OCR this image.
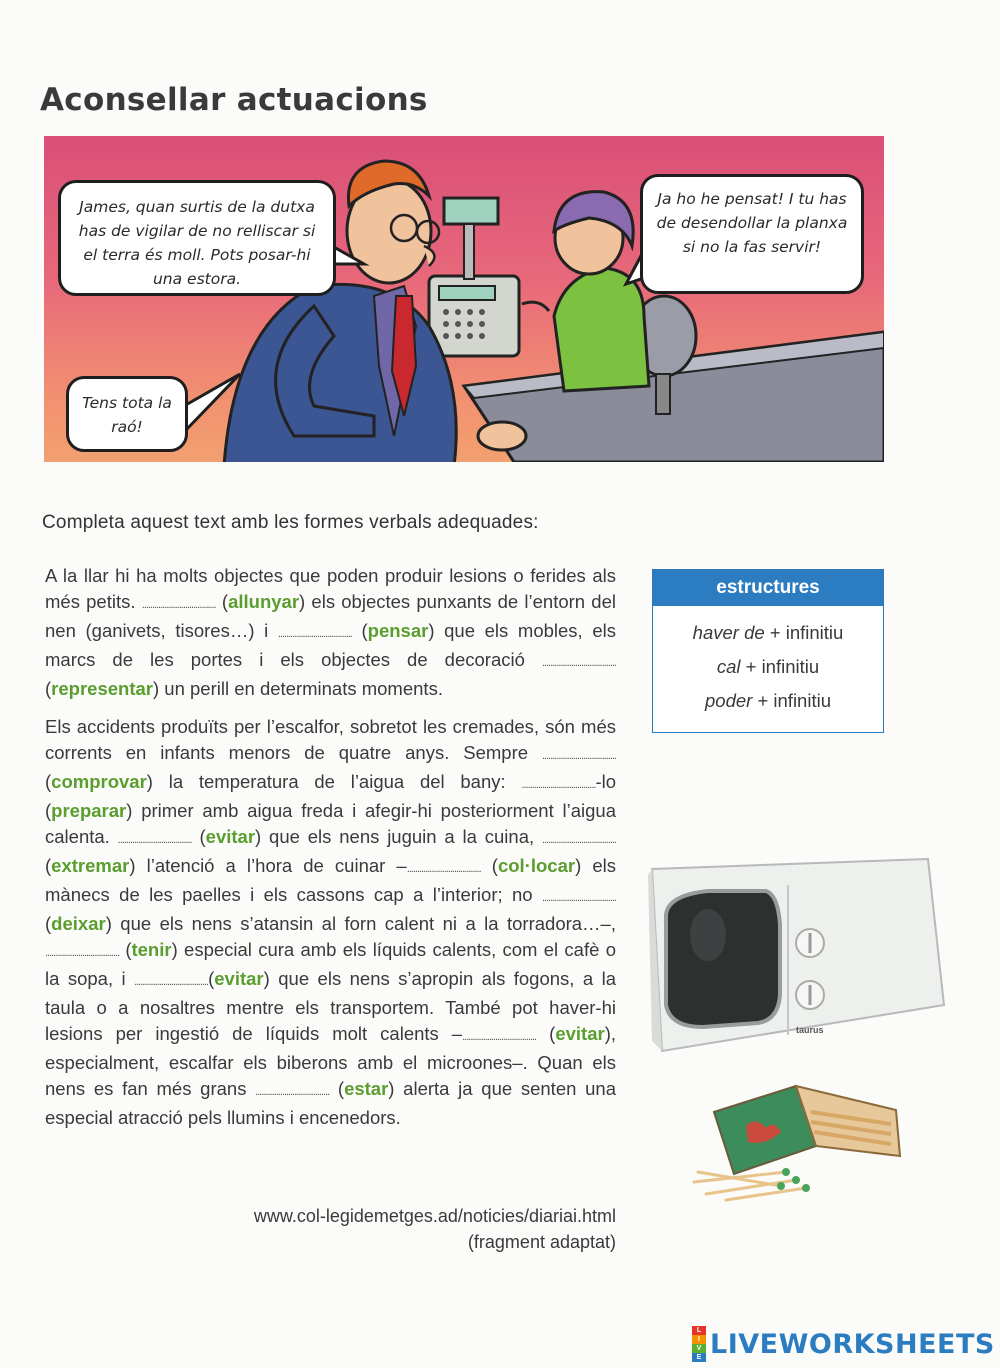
Aconsellar actuacions
James, quan surtis de la dutxa has de vigilar de no relliscar si el terra és moll. Pots posar-hi una estora.
Ja ho he pensat! I tu has de desendollar la planxa si no la fas servir!
Tens tota la raó!

Completa aquest text amb les formes verbals adequades:

A la llar hi ha molts objectes que poden produir lesions o ferides als més petits. .................................... (allunyar) els objectes punxants de l’entorn del nen (ganivets, tisores…) i .................................... (pensar) que els mobles, els marcs de les portes i els objectes de decoració .................................... (representar) un perill en determinats moments.

Els accidents produïts per l’escalfor, sobretot les cremades, són més corrents en infants menors de quatre anys. Sempre .................................... (comprovar) la temperatura de l’aigua del bany: ....................................-lo (preparar) primer amb aigua freda i afegir-hi posteriorment l’aigua calenta. .................................... (evitar) que els nens juguin a la cuina, .................................... (extremar) l’atenció a l’hora de cuinar –.................................... (col·locar) els mànecs de les paelles i els cassons cap a l’interior; no .................................... (deixar) que els nens s’atansin al forn calent ni a la torradora…–, .................................... (tenir) especial cura amb els líquids calents, com el cafè o la sopa, i ....................................(evitar) que els nens s’apropin als fogons, a la taula o a nosaltres mentre els transportem. També pot haver-hi lesions per ingestió de líquids molt calents –.................................... (evitar), especialment, escalfar els biberons amb el microones–. Quan els nens es fan més grans .................................... (estar) alerta ja que senten una especial atracció pels llumins i encenedors.

www.col-legidemetges.ad/noticies/diariai.html
(fragment adaptat)
estructures
haver de + infinitiu
cal + infinitiu
poder + infinitiu
taurus
L
I
V
E LIVEWORKSHEETS
